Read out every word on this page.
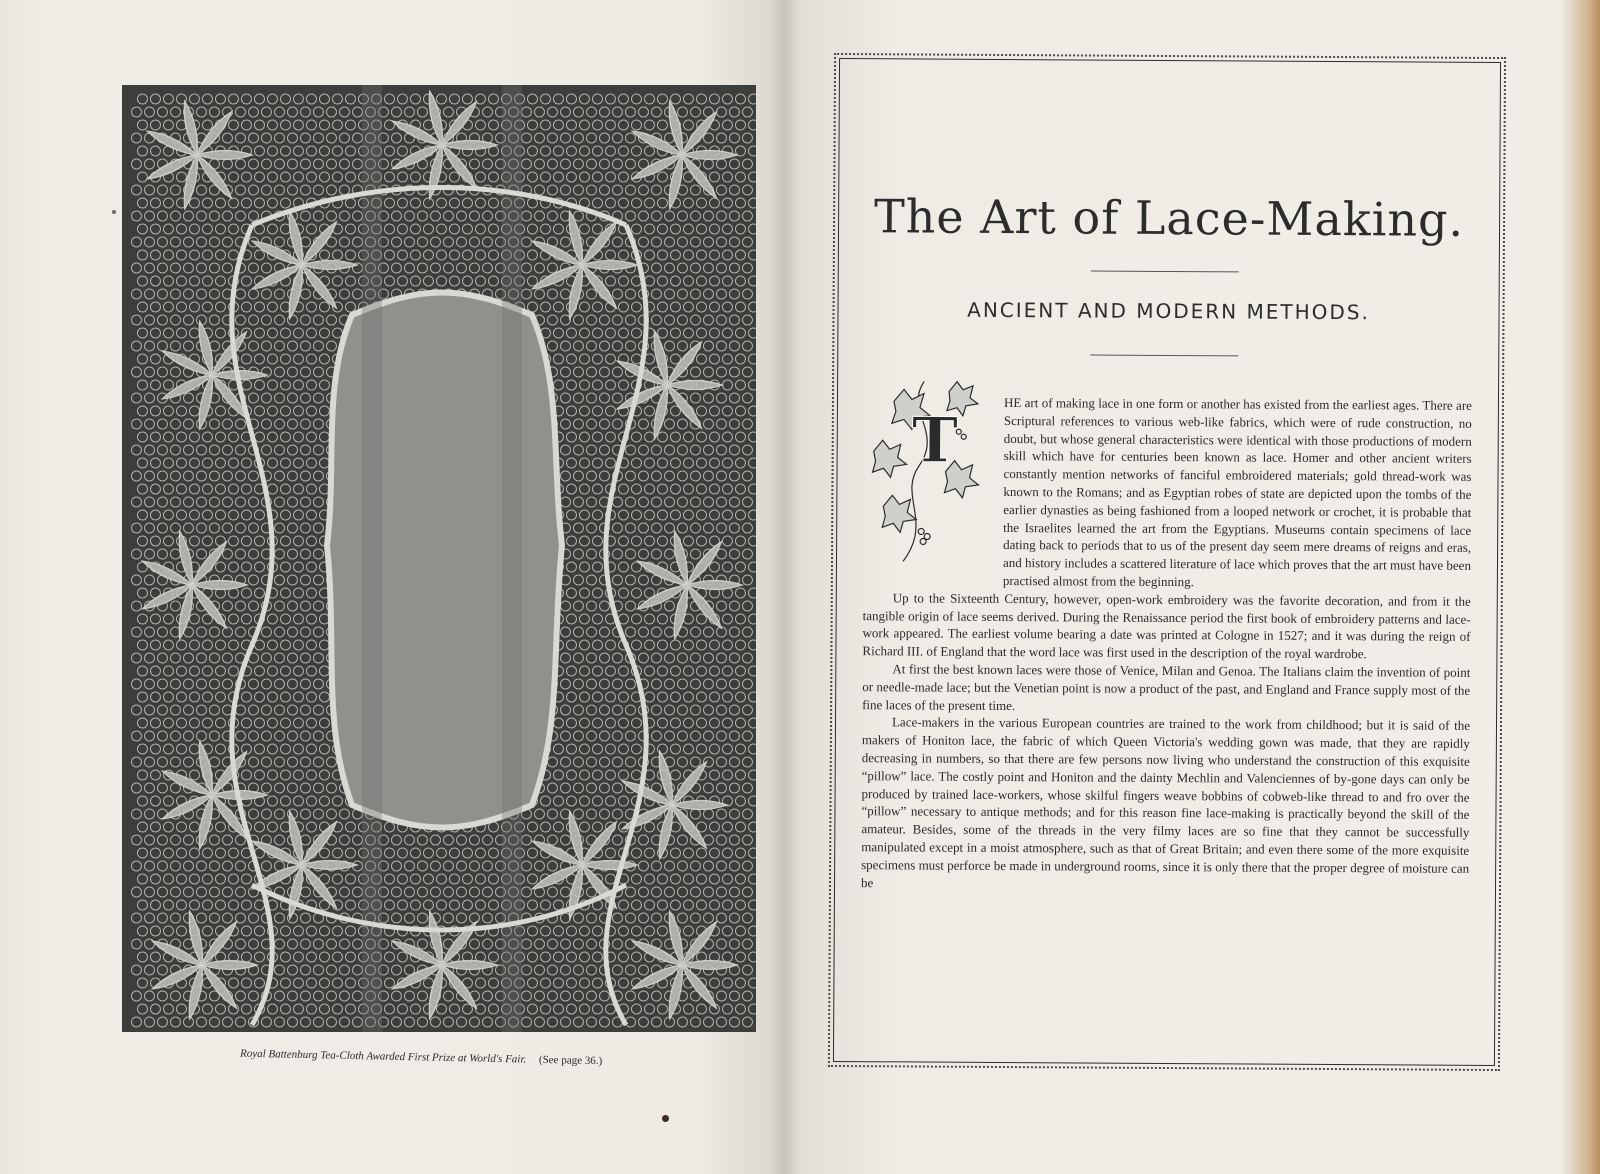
Royal Battenburg Tea-Cloth Awarded First Prize at World's Fair. (See page 36.)
The Art of Lace-Making.
ANCIENT AND MODERN METHODS.
T	HE art of making lace in one form or another has existed from the earliest ages. There are Scriptural references to various web-like fabrics, which were of rude construction, no doubt, but whose general characteristics were identical with those productions of modern skill which have for centuries been known as lace. Homer and other ancient writers constantly mention networks of fanciful embroidered materials; gold thread-work was known to the Romans; and as Egyptian robes of state are depicted upon the tombs of the earlier dynasties as being fashioned from a looped network or crochet, it is probable that the Israelites learned the art from the Egyptians. Museums contain specimens of lace dating back to periods that to us of the present day seem mere dreams of reigns and eras, and history includes a scattered literature of lace which proves that the art must have been practised almost from the beginning.

Up to the Sixteenth Century, however, open-work embroidery was the favorite decoration, and from it the tangible origin of lace seems derived. During the Renaissance period the first book of embroidery patterns and lace-work appeared. The earliest volume bearing a date was printed at Cologne in 1527; and it was during the reign of Richard III. of England that the word lace was first used in the description of the royal wardrobe.

At first the best known laces were those of Venice, Milan and Genoa. The Italians claim the invention of point or needle-made lace; but the Venetian point is now a product of the past, and England and France supply most of the fine laces of the present time.

Lace-makers in the various European countries are trained to the work from childhood; but it is said of the makers of Honiton lace, the fabric of which Queen Victoria's wedding gown was made, that they are rapidly decreasing in numbers, so that there are few persons now living who understand the construction of this exquisite “pillow” lace. The costly point and Honiton and the dainty Mechlin and Valenciennes of by-gone days can only be produced by trained lace-workers, whose skilful fingers weave bobbins of cobweb-like thread to and fro over the “pillow” necessary to antique methods; and for this reason fine lace-making is practically beyond the skill of the amateur. Besides, some of the threads in the very filmy laces are so fine that they cannot be successfully manipulated except in a moist atmosphere, such as that of Great Britain; and even there some of the more exquisite specimens must perforce be made in underground rooms, since it is only there that the proper degree of moisture can be
